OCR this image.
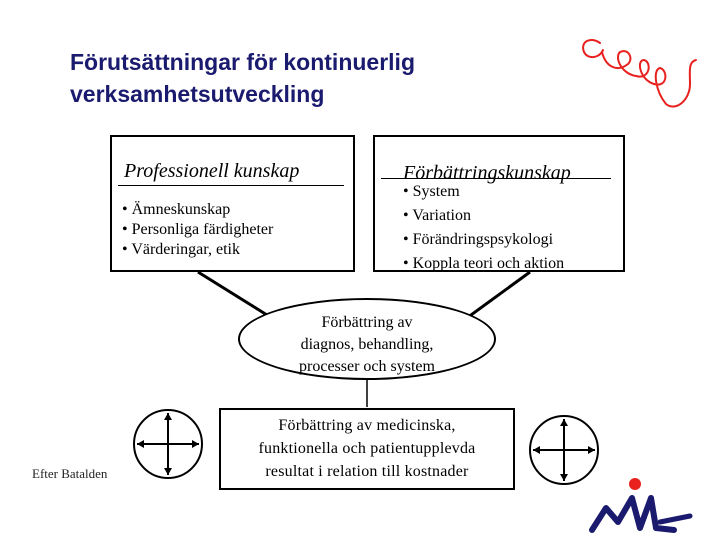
Förutsättningar för kontinuerlig
verksamhetsutveckling
Professionell kunskap
• Ämneskunskap
• Personliga färdigheter
• Värderingar, etik
Förbättringskunskap
• System
• Variation
• Förändringspsykologi
• Koppla teori och aktion
Förbättring av
diagnos, behandling,
processer och system
Förbättring av medicinska,
funktionella och patientupplevda
resultat i relation till kostnader
Efter Batalden
